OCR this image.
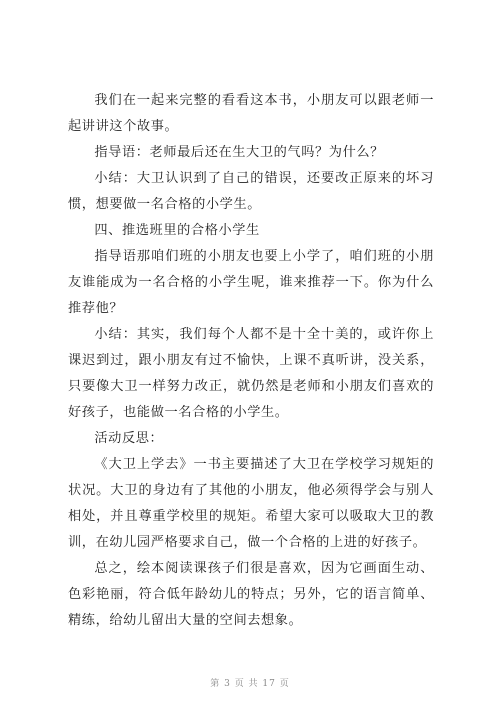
我们在一起来完整的看看这本书，小朋友可以跟老师一起讲讲这个故事。

指导语：老师最后还在生大卫的气吗？为什么？

小结：大卫认识到了自己的错误，还要改正原来的坏习惯，想要做一名合格的小学生。

四、推选班里的合格小学生

指导语那咱们班的小朋友也要上小学了，咱们班的小朋友谁能成为一名合格的小学生呢，谁来推荐一下。你为什么推荐他？

小结：其实，我们每个人都不是十全十美的，或许你上课迟到过，跟小朋友有过不愉快，上课不真听讲，没关系，只要像大卫一样努力改正，就仍然是老师和小朋友们喜欢的好孩子，也能做一名合格的小学生。

活动反思：

《大卫上学去》一书主要描述了大卫在学校学习规矩的状况。大卫的身边有了其他的小朋友，他必须得学会与别人相处，并且尊重学校里的规矩。希望大家可以吸取大卫的教训，在幼儿园严格要求自己，做一个合格的上进的好孩子。

总之，绘本阅读课孩子们很是喜欢，因为它画面生动、色彩艳丽，符合低年龄幼儿的特点；另外，它的语言简单、精练，给幼儿留出大量的空间去想象。

第 3 页 共 17 页
